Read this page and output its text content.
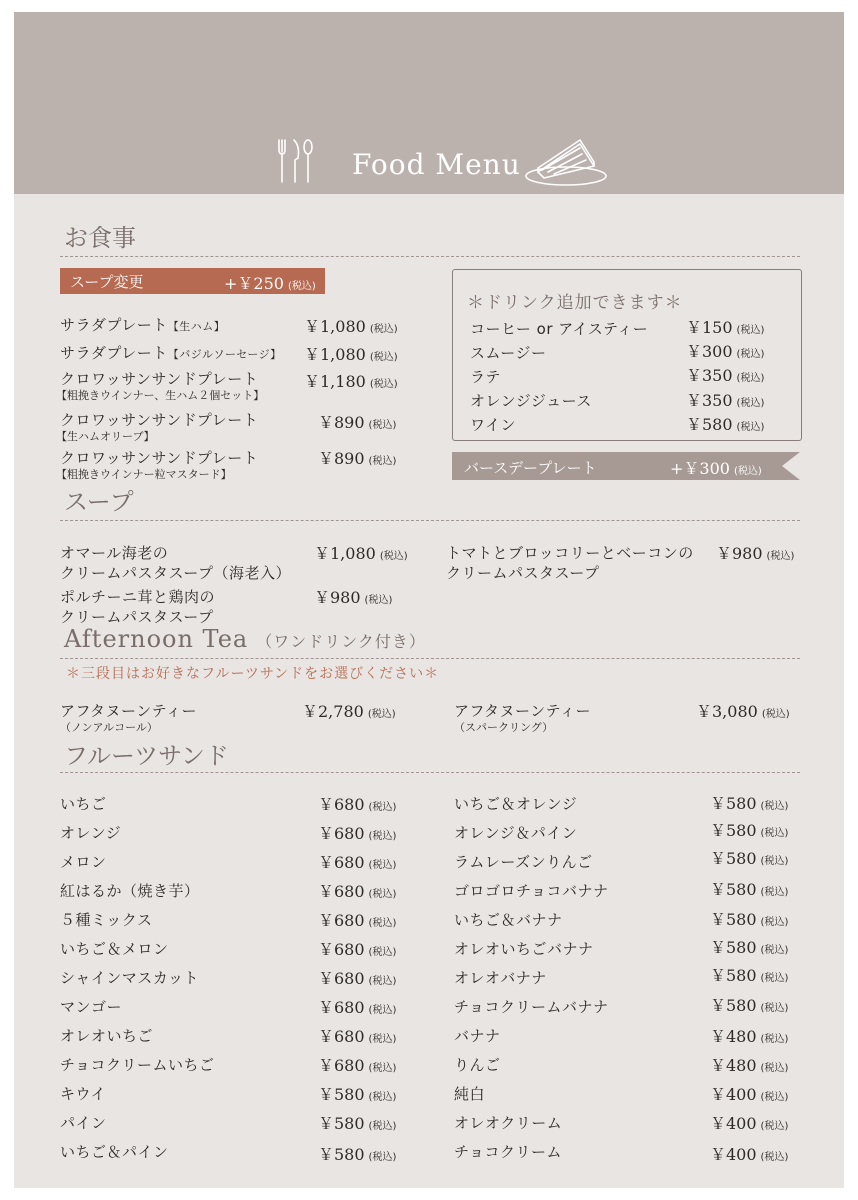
Food Menu
お食事
スープ変更	+￥250 (税込)
サラダプレート【生ハム】	￥1,080 (税込)
サラダプレート【バジルソーセージ】 ￥1,080 (税込)
クロワッサンサンドプレート
【粗挽きウインナー、生ハム２個セット】
￥1,180 (税込)
クロワッサンサンドプレート
【生ハムオリーブ】
￥890 (税込)
クロワッサンサンドプレート
【粗挽きウインナー粒マスタード】
￥890 (税込)
＊ドリンク追加できます＊
コーヒー or アイスティー ￥150 (税込)
スムージー	￥300 (税込)
ラテ	￥350 (税込)
オレンジジュース	￥350 (税込)
ワイン	￥580 (税込)
バースデープレート	+￥300 (税込)
スープ
オマール海老の
クリームパスタスープ（海老入）
￥1,080 (税込)
ポルチーニ茸と鶏肉の
クリームパスタスープ
￥980 (税込)
トマトとブロッコリーとベーコンの
クリームパスタスープ
￥980 (税込)
Afternoon Tea （ワンドリンク付き）
＊三段目はお好きなフルーツサンドをお選びください＊
アフタヌーンティー
（ノンアルコール）
￥2,780 (税込)	アフタヌーンティー
（スパークリング）
￥3,080 (税込)
フルーツサンド
いちご	￥680 (税込)
オレンジ	￥680 (税込)
メロン	￥680 (税込)
紅はるか（焼き芋）	￥680 (税込)
５種ミックス	￥680 (税込)
いちご＆メロン	￥680 (税込)
シャインマスカット	￥680 (税込)
マンゴー	￥680 (税込)
オレオいちご	￥680 (税込)
チョコクリームいちご	￥680 (税込)
キウイ	￥580 (税込)
パイン	￥580 (税込)
いちご＆パイン	￥580 (税込)
いちご＆オレンジ	￥580 (税込)
オレンジ＆パイン	￥580 (税込)
ラムレーズンりんご	￥580 (税込)
ゴロゴロチョコバナナ	￥580 (税込)
いちご＆バナナ	￥580 (税込)
オレオいちごバナナ	￥580 (税込)
オレオバナナ	￥580 (税込)
チョコクリームバナナ	￥580 (税込)
バナナ	￥480 (税込)
りんご	￥480 (税込)
純白	￥400 (税込)
オレオクリーム	￥400 (税込)
チョコクリーム	￥400 (税込)
